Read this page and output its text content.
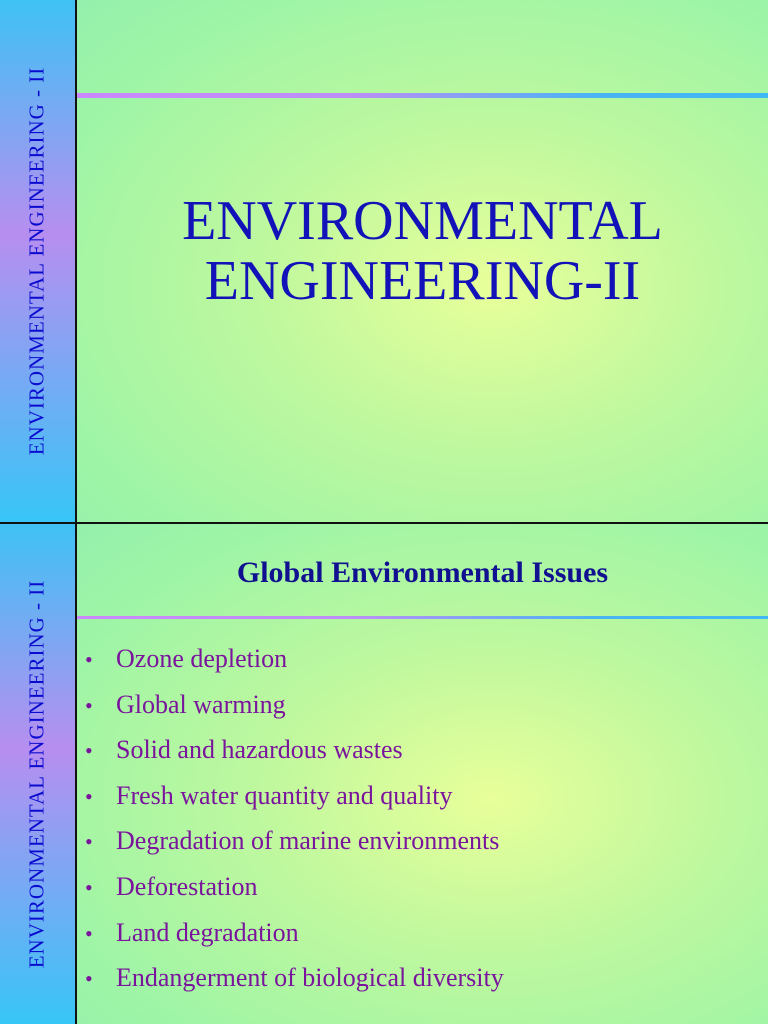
ENVIRONMENTAL ENGINEERING - II	ENVIRONMENTAL
ENGINEERING-II
ENVIRONMENTAL ENGINEERING - II
Global Environmental Issues
• Ozone depletion
• Global warming
• Solid and hazardous wastes
• Fresh water quantity and quality
• Degradation of marine environments
• Deforestation
• Land degradation
• Endangerment of biological diversity
